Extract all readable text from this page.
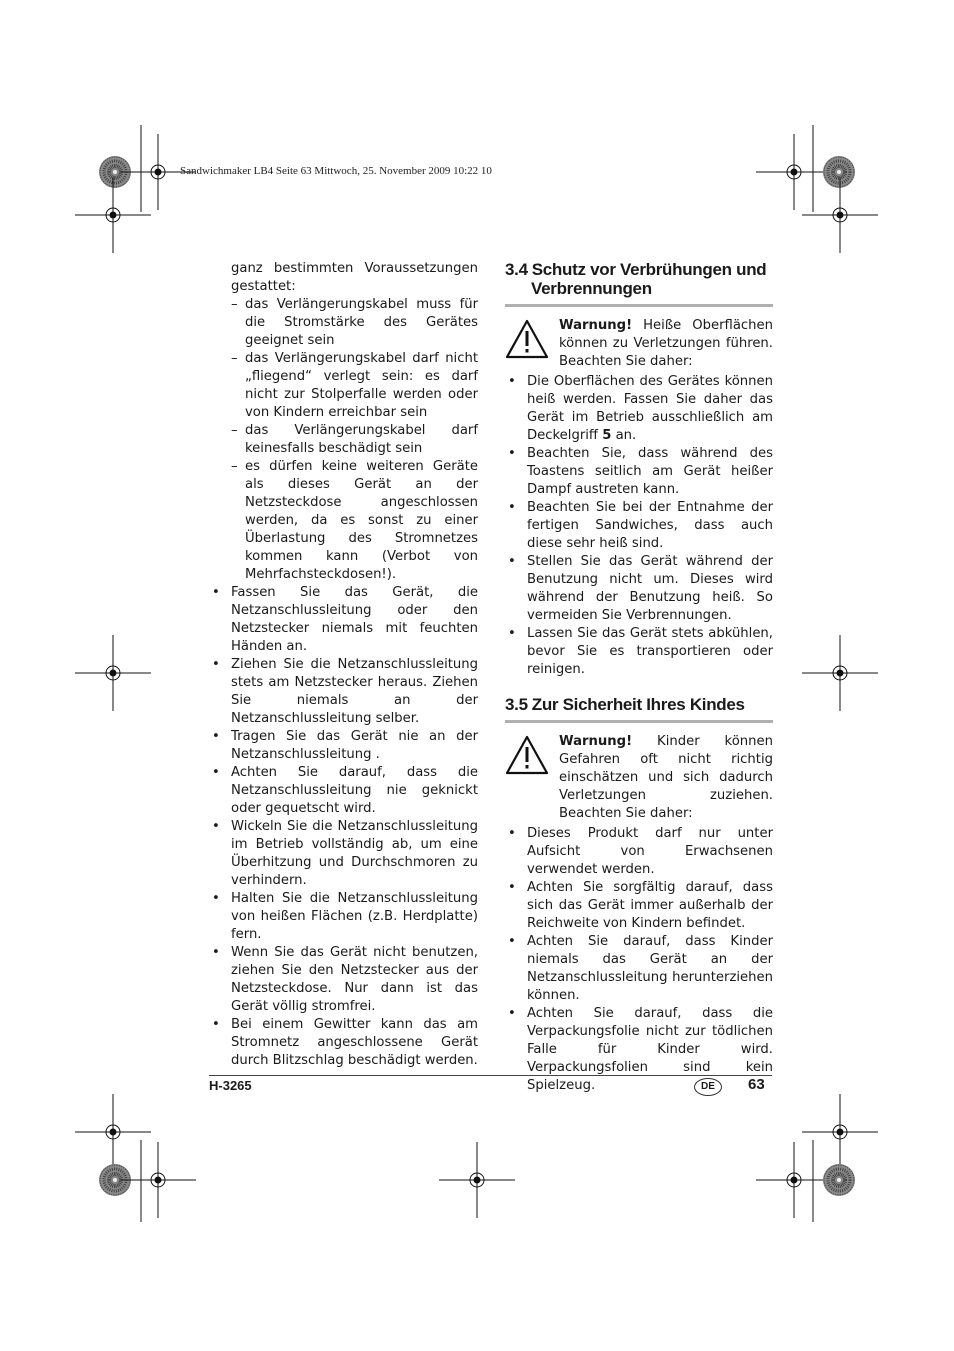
Sandwichmaker LB4 Seite 63 Mittwoch, 25. November 2009 10:22 10

ganz bestimmten Voraussetzungen gestattet:

– das Verlängerungskabel muss für die Stromstärke des Gerätes geeignet sein

– das Verlängerungskabel darf nicht „fliegend“ verlegt sein: es darf nicht zur Stolperfalle werden oder von Kindern erreichbar sein

– das Verlängerungskabel darf keinesfalls beschädigt sein

– es dürfen keine weiteren Geräte als dieses Gerät an der Netzsteckdose angeschlossen werden, da es sonst zu einer Überlastung des Stromnetzes kommen kann (Verbot von Mehrfachsteckdosen!).

• Fassen Sie das Gerät, die Netzanschlussleitung oder den Netzstecker niemals mit feuchten Händen an.

• Ziehen Sie die Netzanschlussleitung stets am Netzstecker heraus. Ziehen Sie niemals an der Netzanschlussleitung selber.

• Tragen Sie das Gerät nie an der Netzanschlussleitung .

• Achten Sie darauf, dass die Netzanschlussleitung nie geknickt oder gequetscht wird.

• Wickeln Sie die Netzanschlussleitung im Betrieb vollständig ab, um eine Überhitzung und Durchschmoren zu verhindern.

• Halten Sie die Netzanschlussleitung von heißen Flächen (z.B. Herdplatte) fern.

• Wenn Sie das Gerät nicht benutzen, ziehen Sie den Netzstecker aus der Netzsteckdose. Nur dann ist das Gerät völlig stromfrei.

• Bei einem Gewitter kann das am Stromnetz angeschlossene Gerät durch Blitzschlag beschädigt werden.

3.4 Schutz vor Verbrühungen und
Verbrennungen
Warnung! Heiße Oberflächen können zu Verletzungen führen. Beachten Sie daher:

• Die Oberflächen des Gerätes können heiß werden. Fassen Sie daher das Gerät im Betrieb ausschließlich am Deckelgriff 5 an.

• Beachten Sie, dass während des Toastens seitlich am Gerät heißer Dampf austreten kann.

• Beachten Sie bei der Entnahme der fertigen Sandwiches, dass auch diese sehr heiß sind.

• Stellen Sie das Gerät während der Benutzung nicht um. Dieses wird während der Benutzung heiß. So vermeiden Sie Verbrennungen.

• Lassen Sie das Gerät stets abkühlen, bevor Sie es transportieren oder reinigen.

3.5 Zur Sicherheit Ihres Kindes
Warnung! Kinder können Gefahren oft nicht richtig einschätzen und sich dadurch Verletzungen zuziehen. Beachten Sie daher:

• Dieses Produkt darf nur unter Aufsicht von Erwachsenen verwendet werden.

• Achten Sie sorgfältig darauf, dass sich das Gerät immer außerhalb der Reichweite von Kindern befindet.

• Achten Sie darauf, dass Kinder niemals das Gerät an der Netzanschlussleitung herunterziehen können.

• Achten Sie darauf, dass die Verpackungsfolie nicht zur tödlichen Falle für Kinder wird. Verpackungsfolien sind kein Spielzeug.

H-3265	DE	63
